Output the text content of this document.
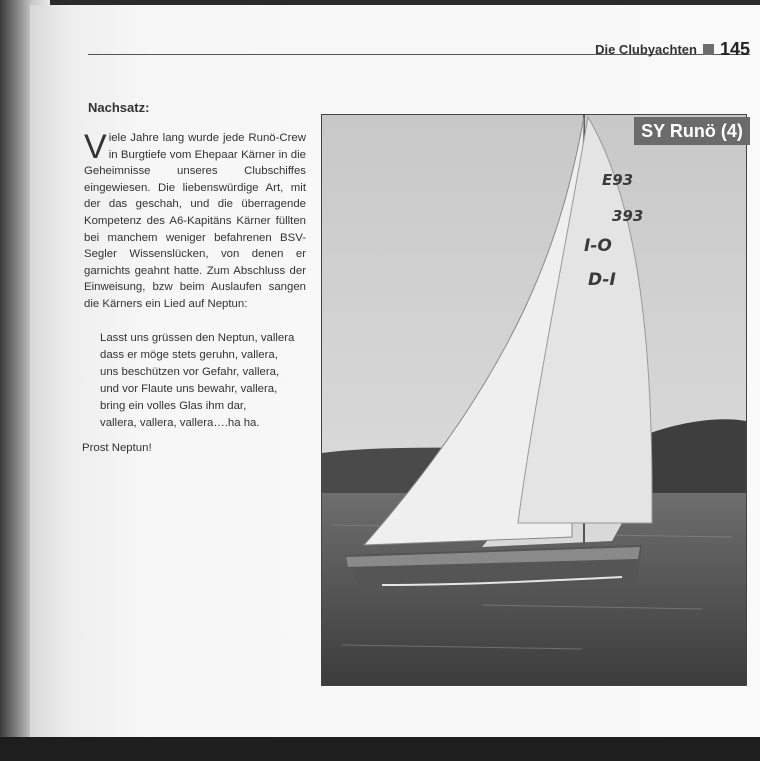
Die Clubyachten 145
Nachsatz:
V iele Jahre lang wurde jede Runö-Crew in Burgtiefe vom Ehepaar Kärner in die Geheimnisse unseres Clubschiffes eingewiesen. Die liebenswürdige Art, mit der das geschah, und die überragende Kompetenz des A6-Kapitäns Kärner füllten bei manchem weniger befahrenen BSV-Segler Wissenslücken, von denen er garnichts geahnt hatte. Zum Abschluss der Einweisung, bzw beim Auslaufen sangen die Kärners ein Lied auf Neptun:
Lasst uns grüssen den Neptun, vallera
dass er möge stets geruhn, vallera,
uns beschützen vor Gefahr, vallera,
und vor Flaute uns bewahr, vallera,
bring ein volles Glas ihm dar,
vallera, vallera, vallera….ha ha.
Prost Neptun!
E93
393
I-O
D-I
SY Runö (4)
